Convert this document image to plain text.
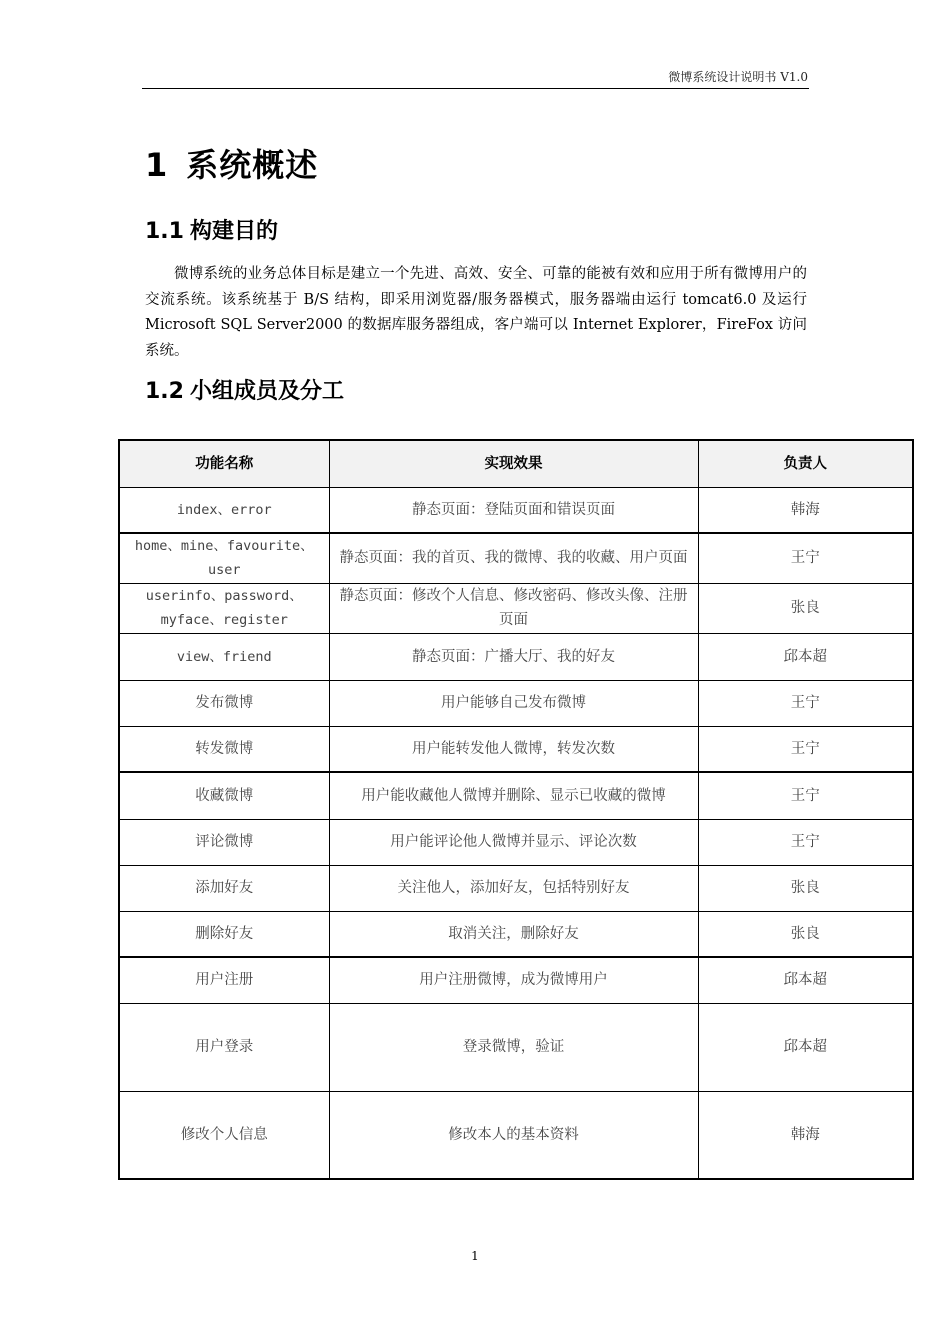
微博系统设计说明书 V1.0
1 系统概述
1.1 构建目的
微博系统的业务总体目标是建立一个先进、高效、安全、可靠的能被有效和应用于所有微博用户的交流系统。该系统基于 B/S 结构，即采用浏览器/服务器模式，服务器端由运行 tomcat6.0 及运行 Microsoft SQL Server2000 的数据库服务器组成，客户端可以 Internet Explorer，FireFox 访问系统。
1.2 小组成员及分工
功能名称	实现效果	负责人
index、error	静态页面：登陆页面和错误页面	韩海
home、mine、favourite、user	静态页面：我的首页、我的微博、我的收藏、用户页面	王宁
userinfo、password、myface、register	静态页面：修改个人信息、修改密码、修改头像、注册页面	张良
view、friend	静态页面：广播大厅、我的好友	邱本超
发布微博	用户能够自己发布微博	王宁
转发微博	用户能转发他人微博，转发次数	王宁
收藏微博	用户能收藏他人微博并删除、显示已收藏的微博	王宁
评论微博	用户能评论他人微博并显示、评论次数	王宁
添加好友	关注他人，添加好友，包括特别好友	张良
删除好友	取消关注，删除好友	张良
用户注册	用户注册微博，成为微博用户	邱本超
用户登录	登录微博，验证	邱本超
修改个人信息	修改本人的基本资料	韩海
1
